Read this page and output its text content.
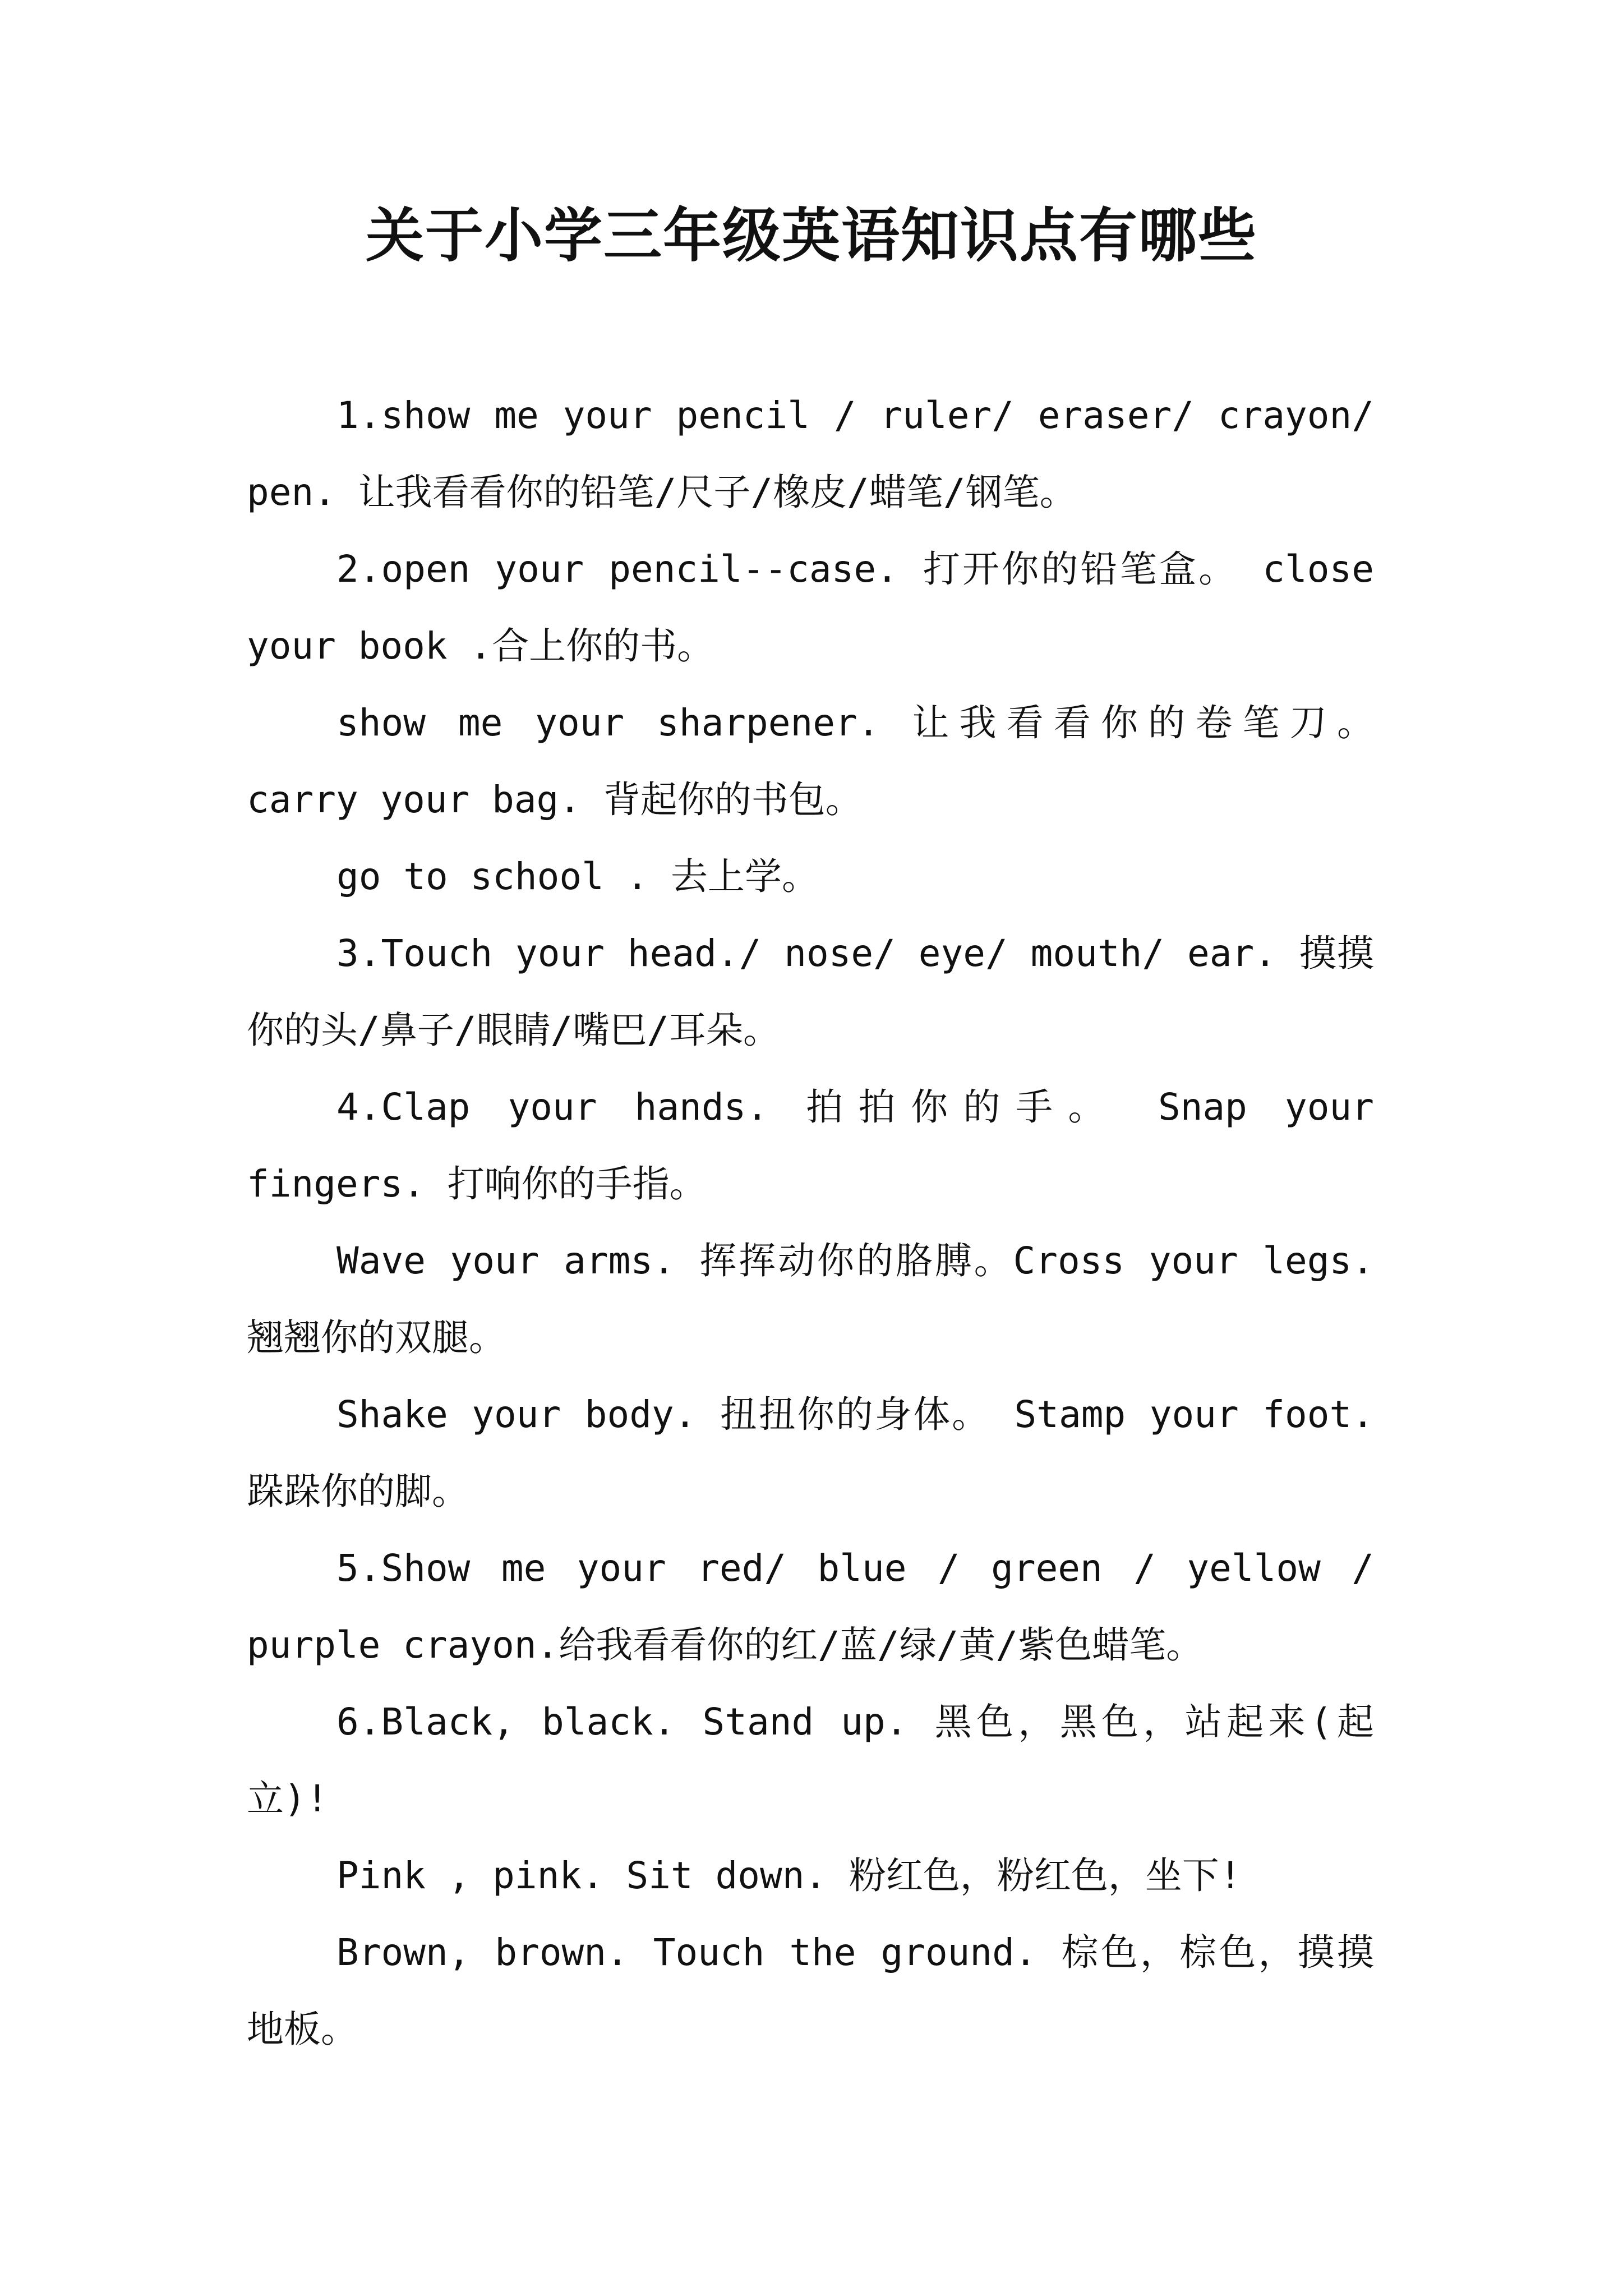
关于小学三年级英语知识点有哪些

1.show me your pencil / ruler/ eraser/ crayon/ pen. 让我看看你的铅笔/尺子/橡皮/蜡笔/钢笔。

2.open your pencil--case. 打开你的铅笔盒。 close your book .合上你的书。

show me your sharpener. 让我看看你的卷笔刀。 carry your bag. 背起你的书包。

go to school . 去上学。

3.Touch your head./ nose/ eye/ mouth/ ear. 摸摸你的头/鼻子/眼睛/嘴巴/耳朵。

4.Clap your hands. 拍拍你的手。 Snap your fingers. 打响你的手指。

Wave your arms. 挥挥动你的胳膊。Cross your legs. 翘翘你的双腿。

Shake your body. 扭扭你的身体。 Stamp your foot. 跺跺你的脚。

5.Show me your red/ blue / green / yellow / purple crayon.给我看看你的红/蓝/绿/黄/紫色蜡笔。

6.Black, black. Stand up. 黑色，黑色，站起来(起立)!

Pink , pink. Sit down. 粉红色，粉红色，坐下!

Brown, brown. Touch the ground. 棕色，棕色，摸摸地板。
